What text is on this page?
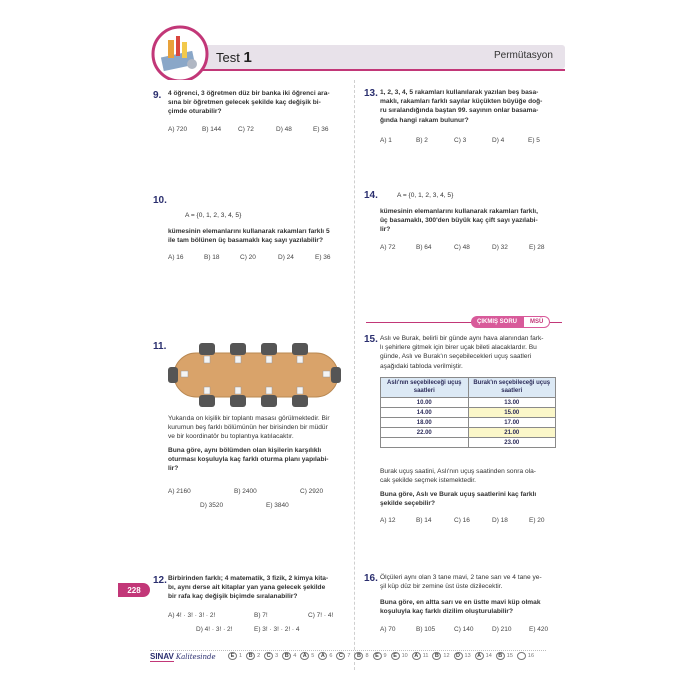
Test 1	Permütasyon
9. 4 öğrenci, 3 öğretmen düz bir banka iki öğrenci ara-
sına bir öğretmen gelecek şekilde kaç değişik bi-
çimde oturabilir?
A) 720	B) 144	C) 72	D) 48	E) 36
10.
A = {0, 1, 2, 3, 4, 5}
kümesinin elemanlarını kullanarak rakamları farklı 5
ile tam bölünen üç basamaklı kaç sayı yazılabilir?
A) 16	B) 18	C) 20	D) 24	E) 36
11.
Yukarıda on kişilik bir toplantı masası görülmektedir. Bir
kurumun beş farklı bölümünün her birisinden bir müdür
ve bir koordinatör bu toplantıya katılacaktır.
Buna göre, aynı bölümden olan kişilerin karşılıklı
oturması koşuluyla kaç farklı oturma planı yapılabi-
lir?
A) 2160	B) 2400	C) 2920
D) 3520	E) 3840
228
12. Birbirinden farklı; 4 matematik, 3 fizik, 2 kimya kita-
bı, aynı derse ait kitaplar yan yana gelecek şekilde
bir rafa kaç değişik biçimde sıralanabilir?
A) 4! · 3! · 3! · 2!	B) 7!	C) 7! · 4!
D) 4! · 3! · 2!	E) 3! · 3! · 2! · 4
13. 1, 2, 3, 4, 5 rakamları kullanılarak yazılan beş basa-
maklı, rakamları farklı sayılar küçükten büyüğe doğ-
ru sıralandığında baştan 99. sayının onlar basama-
ğında hangi rakam bulunur?
A) 1	B) 2	C) 3	D) 4	E) 5
14.	A = {0, 1, 2, 3, 4, 5}
kümesinin elemanlarını kullanarak rakamları farklı,
üç basamaklı, 300'den büyük kaç çift sayı yazılabi-
lir?
A) 72	B) 64	C) 48	D) 32	E) 28
ÇIKMIŞ SORU	MSÜ
15. Aslı ve Burak, belirli bir günde aynı hava alanından fark-
lı şehirlere gitmek için birer uçak bileti alacaklardır. Bu
günde, Aslı ve Burak'ın seçebilecekleri uçuş saatleri
aşağıdaki tabloda verilmiştir.
Aslı'nın seçebileceği uçuş saatleri	Burak'ın seçebileceği uçuş saatleri
10.00	13.00
14.00	15.00
18.00	17.00
22.00	21.00
	23.00
Burak uçuş saatini, Aslı'nın uçuş saatinden sonra ola-
cak şekilde seçmek istemektedir.
Buna göre, Aslı ve Burak uçuş saatlerini kaç farklı
şekilde seçebilir?
A) 12	B) 14	C) 16	D) 18	E) 20
16. Ölçüleri aynı olan 3 tane mavi, 2 tane sarı ve 4 tane ye-
şil küp düz bir zemine üst üste dizilecektir.
Buna göre, en altta sarı ve en üstte mavi küp olmak
koşuluyla kaç farklı dizilim oluşturulabilir?
A) 70	B) 105	C) 140	D) 210	E) 420
SINAV Kalitesinde	E 1	B 2	C 3	B 4	A 5	A 6	C 7	B 8	E 9	E 10	A 11	B 12	D 13	A 14	B 15	16
